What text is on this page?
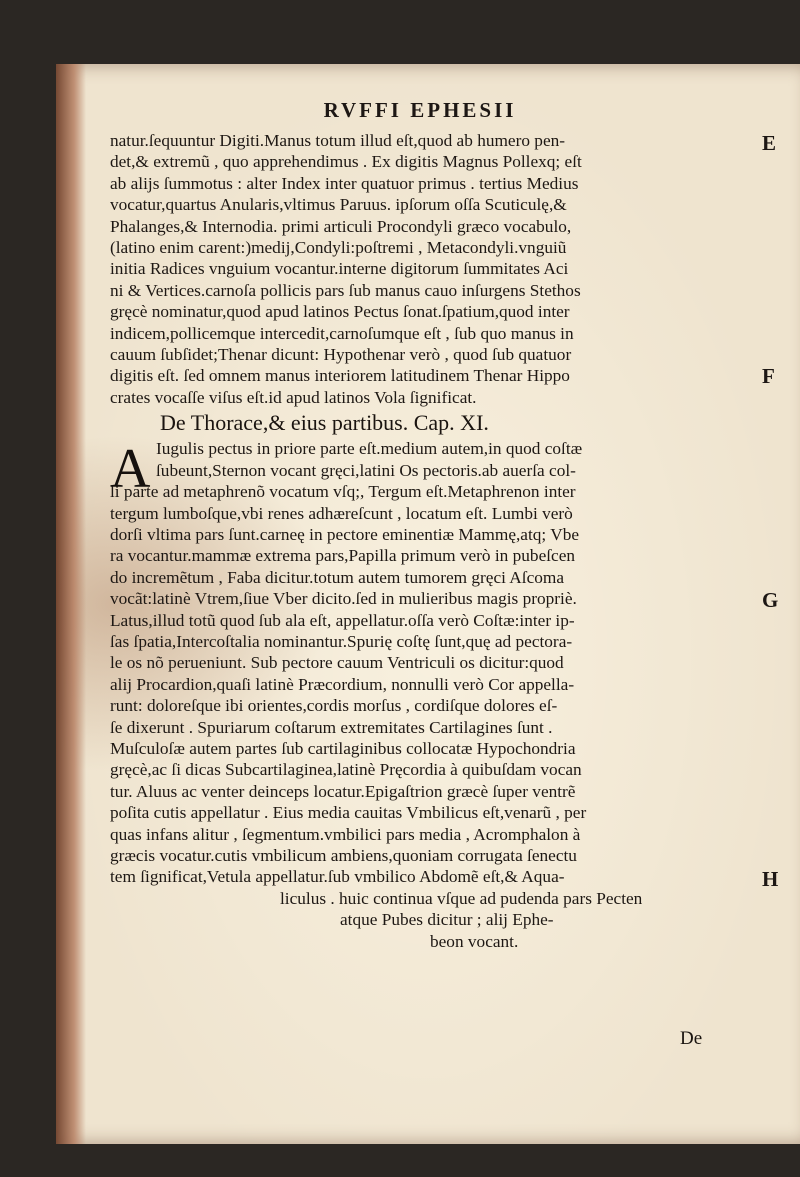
RVFFI EPHESII
natur.ſequuntur Digiti.Manus totum illud eſt,quod ab humero pen-
det,& extremũ , quo apprehendimus . Ex digitis Magnus Pollexq; eſt
ab alijs ſummotus : alter Index inter quatuor primus . tertius Medius
vocatur,quartus Anularis,vltimus Paruus. ipſorum oſſa Scuticulę,&
Phalanges,& Internodia. primi articuli Procondyli græco vocabulo,
(latino enim carent:)medij,Condyli:poſtremi , Metacondyli.vnguiũ
initia Radices vnguium vocantur.interne digitorum ſummitates Aci
ni & Vertices.carnoſa pollicis pars ſub manus cauo inſurgens Stethos
gręcè nominatur,quod apud latinos Pectus ſonat.ſpatium,quod inter
indicem,pollicemque intercedit,carnoſumque eſt , ſub quo manus in
cauum ſubſidet;Thenar dicunt: Hypothenar verò , quod ſub quatuor
digitis eſt. ſed omnem manus interiorem latitudinem Thenar Hippo
crates vocaſſe viſus eſt.id apud latinos Vola ſignificat.
De Thorace,& eius partibus. Cap. XI.
A Iugulis pectus in priore parte eſt.medium autem,in quod coſtæ
ſubeunt,Sternon vocant gręci,latini Os pectoris.ab auerſa col-
li parte ad metaphrenõ vocatum vſq;, Tergum eſt.Metaphrenon inter
tergum lumboſque,vbi renes adhæreſcunt , locatum eſt. Lumbi verò
dorſi vltima pars ſunt.carneę in pectore eminentiæ Mammę,atq; Vbe
ra vocantur.mammæ extrema pars,Papilla primum verò in pubeſcen
do incremẽtum , Faba dicitur.totum autem tumorem gręci Aſcoma
vocãt:latinè Vtrem,ſiue Vber dicito.ſed in mulieribus magis propriè.
Latus,illud totũ quod ſub ala eſt, appellatur.oſſa verò Coſtæ:inter ip-
ſas ſpatia,Intercoſtalia nominantur.Spurię coſtę ſunt,quę ad pectora-
le os nõ perueniunt. Sub pectore cauum Ventriculi os dicitur:quod
alij Procardion,quaſi latinè Præcordium, nonnulli verò Cor appella-
runt: doloreſque ibi orientes,cordis morſus , cordiſque dolores eſ-
ſe dixerunt . Spuriarum coſtarum extremitates Cartilagines ſunt .
Muſculoſæ autem partes ſub cartilaginibus collocatæ Hypochondria
gręcè,ac ſi dicas Subcartilaginea,latinè Pręcordia à quibuſdam vocan
tur. Aluus ac venter deinceps locatur.Epigaſtrion græcè ſuper ventrẽ
poſita cutis appellatur . Eius media cauitas Vmbilicus eſt,venarũ , per
quas infans alitur , ſegmentum.vmbilici pars media , Acromphalon à
græcis vocatur.cutis vmbilicum ambiens,quoniam corrugata ſenectu
tem ſignificat,Vetula appellatur.ſub vmbilico Abdomẽ eſt,& Aqua-
liculus . huic continua vſque ad pudenda pars Pecten
atque Pubes dicitur ; alij Ephe-
beon vocant.
E
F
G
H
De
